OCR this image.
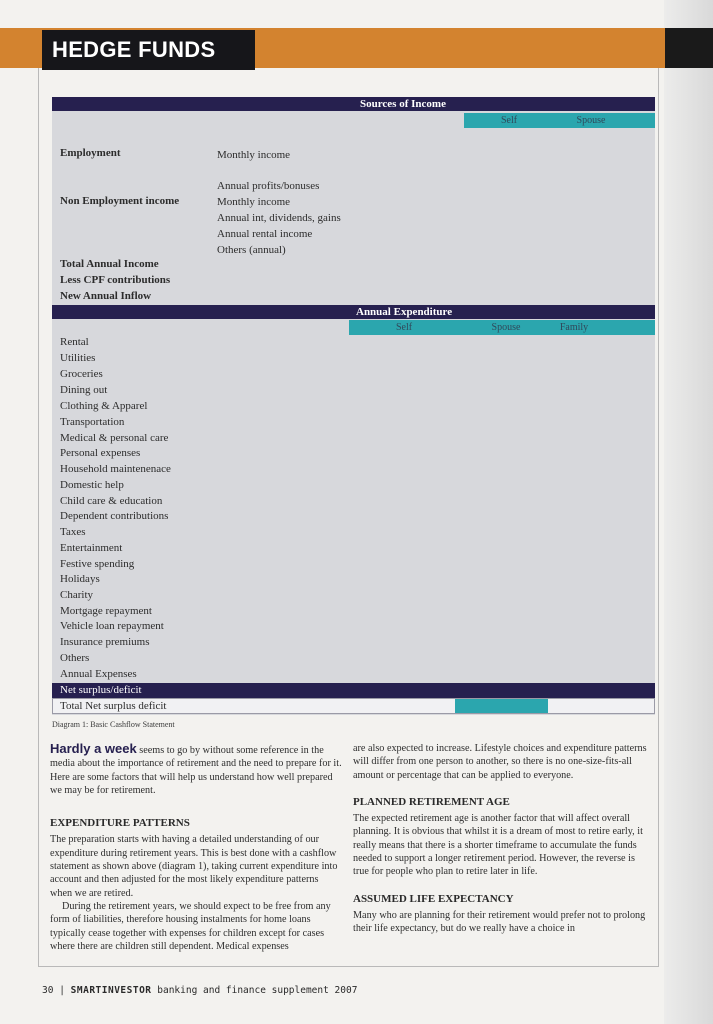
HEDGE FUNDS
Sources of Income
Self	Spouse
Employment	Monthly income
Non Employment income
Annual profits/bonuses
Monthly income
Annual int, dividends, gains
Annual rental income
Others (annual)
Total Annual Income
Less CPF contributions
New Annual Inflow
Annual Expenditure
Self	Spouse	Family
Rental
Utilities
Groceries
Dining out
Clothing & Apparel
Transportation
Medical & personal care
Personal expenses
Household maintenenace
Domestic help
Child care & education
Dependent contributions
Taxes
Entertainment
Festive spending
Holidays
Charity
Mortgage repayment
Vehicle loan repayment
Insurance premiums
Others
Annual Expenses
Net surplus/deficit
Total Net surplus deficit
Diagram 1: Basic Cashflow Statement

Hardly a week seems to go by without some reference in the media about the importance of retirement and the need to prepare for it. Here are some factors that will help us understand how well prepared we may be for retirement.

EXPENDITURE PATTERNS

The preparation starts with having a detailed understanding of our expenditure during retirement years. This is best done with a cashflow statement as shown above (diagram 1), taking current expenditure into account and then adjusted for the most likely expenditure patterns when we are retired.

During the retirement years, we should expect to be free from any form of liabilities, therefore housing instalments for home loans typically cease together with expenses for children except for cases where there are children still dependent. Medical expenses

are also expected to increase. Lifestyle choices and expenditure patterns will differ from one person to another, so there is no one-size-fits-all amount or percentage that can be applied to everyone.

PLANNED RETIREMENT AGE

The expected retirement age is another factor that will affect overall planning. It is obvious that whilst it is a dream of most to retire early, it really means that there is a shorter timeframe to accumulate the funds needed to support a longer retirement period. However, the reverse is true for people who plan to retire later in life.

ASSUMED LIFE EXPECTANCY

Many who are planning for their retirement would prefer not to prolong their life expectancy, but do we really have a choice in

30 | SMARTINVESTOR banking and finance supplement 2007
